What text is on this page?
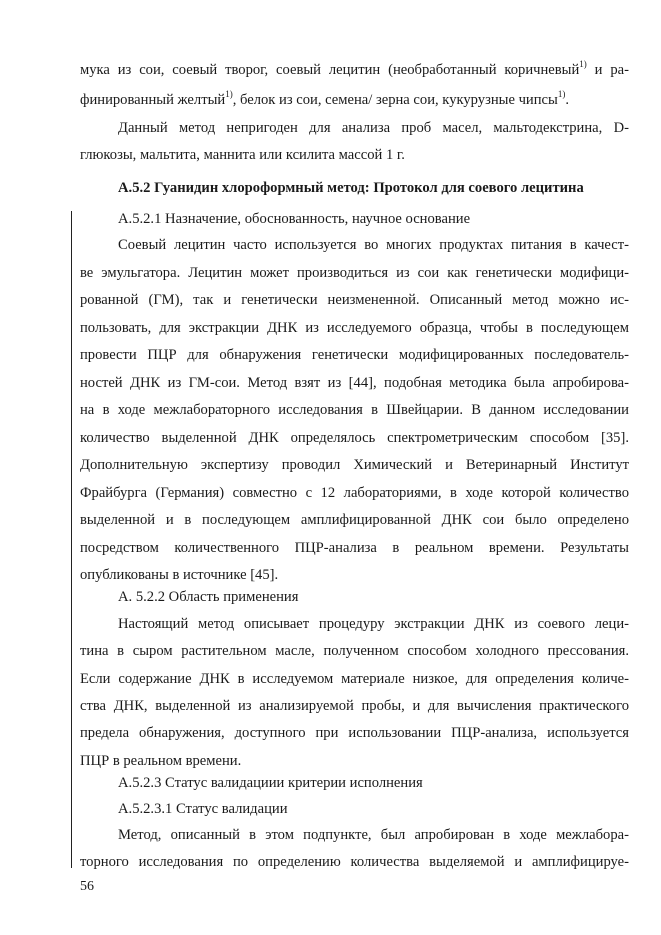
мука из сои, соевый творог, соевый лецитин (необработанный коричневый$^{1)}$ и ра-
финированный желтый$^{1)}$, белок из сои, семена/ зерна сои, кукурузные чипсы$^{1)}$.
Данный метод непригоден для анализа проб масел, мальтодекстрина, D-
глюкозы, мальтита, маннита или ксилита массой 1 г.
А.5.2 Гуанидин хлороформный метод: Протокол для соевого лецитина
А.5.2.1 Назначение, обоснованность, научное основание
Соевый лецитин часто используется во многих продуктах питания в качест-
ве эмульгатора. Лецитин может производиться из сои как генетически модифици-
рованной (ГМ), так и генетически неизмененной. Описанный метод можно ис-
пользовать, для экстракции ДНК из исследуемого образца, чтобы в последующем
провести ПЦР для обнаружения генетически модифицированных последователь-
ностей ДНК из ГМ-сои. Метод взят из [44], подобная методика была апробирова-
на в ходе межлабораторного исследования в Швейцарии. В данном исследовании
количество выделенной ДНК определялось спектрометрическим способом [35].
Дополнительную экспертизу проводил Химический и Ветеринарный Институт
Фрайбурга (Германия) совместно с 12 лабораториями, в ходе которой количество
выделенной и в последующем амплифицированной ДНК сои было определено
посредством количественного ПЦР-анализа в реальном времени. Результаты
опубликованы в источнике [45].
А. 5.2.2 Область применения
Настоящий метод описывает процедуру экстракции ДНК из соевого леци-
тина в сыром растительном масле, полученном способом холодного прессования.
Если содержание ДНК в исследуемом материале низкое, для определения количе-
ства ДНК, выделенной из анализируемой пробы, и для вычисления практического
предела обнаружения, доступного при использовании ПЦР-анализа, используется
ПЦР в реальном времени.
А.5.2.3 Статус валидациии критерии исполнения
А.5.2.3.1 Статус валидации
Метод, описанный в этом подпункте, был апробирован в ходе межлабора-
торного исследования по определению количества выделяемой и амплифицируе-
56
